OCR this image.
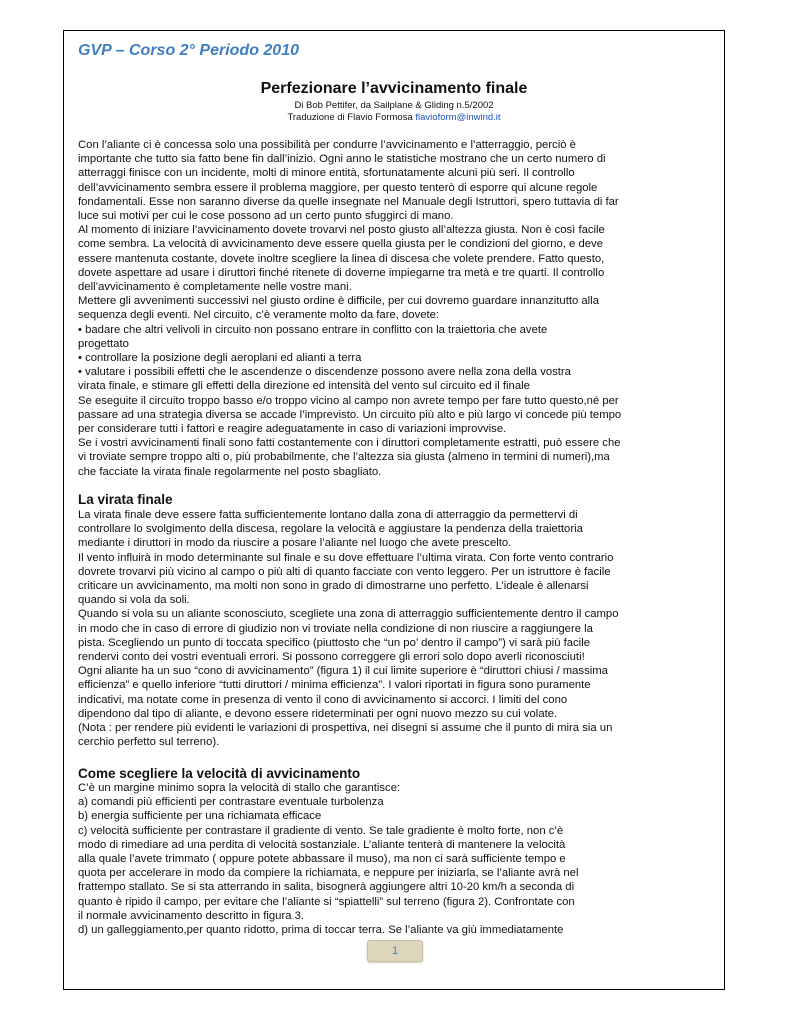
GVP – Corso 2° Periodo 2010
Perfezionare l’avvicinamento finale
Di Bob Pettifer, da Sailplane & Gliding n.5/2002
Traduzione di Flavio Formosa flavioform@inwind.it

Con l’aliante ci è concessa solo una possibilità per condurre l’avvicinamento e l’atterraggio, perciò è

importante che tutto sia fatto bene fin dall’inizio. Ogni anno le statistiche mostrano che un certo numero di

atterraggi finisce con un incidente, molti di minore entità, sfortunatamente alcuni più seri. Il controllo

dell’avvicinamento sembra essere il problema maggiore, per questo tenterò di esporre qui alcune regole

fondamentali. Esse non saranno diverse da quelle insegnate nel Manuale degli Istruttori, spero tuttavia di far

luce sui motivi per cui le cose possono ad un certo punto sfuggirci di mano.

Al momento di iniziare l’avvicinamento dovete trovarvi nel posto giusto all’altezza giusta. Non è così facile

come sembra. La velocità di avvicinamento deve essere quella giusta per le condizioni del giorno, e deve

essere mantenuta costante, dovete inoltre scegliere la linea di discesa che volete prendere. Fatto questo,

dovete aspettare ad usare i diruttori finché ritenete di doverne impiegarne tra metà e tre quarti. Il controllo

dell’avvicinamento è completamente nelle vostre mani.

Mettere gli avvenimenti successivi nel giusto ordine è difficile, per cui dovremo guardare innanzitutto alla

sequenza degli eventi. Nel circuito, c’è veramente molto da fare, dovete:

• badare che altri velivoli in circuito non possano entrare in conflitto con la traiettoria che avete

progettato

• controllare la posizione degli aeroplani ed alianti a terra

• valutare i possibili effetti che le ascendenze o discendenze possono avere nella zona della vostra

virata finale, e stimare gli effetti della direzione ed intensità del vento sul circuito ed il finale

Se eseguite il circuito troppo basso e/o troppo vicino al campo non avrete tempo per fare tutto questo,né per

passare ad una strategia diversa se accade l’imprevisto. Un circuito più alto e più largo vi concede più tempo

per considerare tutti i fattori e reagire adeguatamente in caso di variazioni improvvise.

Se i vostri avvicinamenti finali sono fatti costantemente con i diruttori completamente estratti, può essere che

vi troviate sempre troppo alti o, più probabilmente, che l’altezza sia giusta (almeno in termini di numeri),ma

che facciate la virata finale regolarmente nel posto sbagliato.

La virata finale

La virata finale deve essere fatta sufficientemente lontano dalla zona di atterraggio da permettervi di

controllare lo svolgimento della discesa, regolare la velocità e aggiustare la pendenza della traiettoria

mediante i diruttori in modo da riuscire a posare l’aliante nel luogo che avete prescelto.

Il vento influirà in modo determinante sul finale e su dove effettuare l’ultima virata. Con forte vento contrario

dovrete trovarvi più vicino al campo o più alti di quanto facciate con vento leggero. Per un istruttore è facile

criticare un avvicinamento, ma molti non sono in grado di dimostrarne uno perfetto. L’ideale è allenarsi

quando si vola da soli.

Quando si vola su un aliante sconosciuto, scegliete una zona di atterraggio sufficientemente dentro il campo

in modo che in caso di errore di giudizio non vi troviate nella condizione di non riuscire a raggiungere la

pista. Scegliendo un punto di toccata specifico (piuttosto che “un po’ dentro il campo”) vi sarà più facile

rendervi conto dei vostri eventuali errori. Si possono correggere gli errori solo dopo averli riconosciuti!

Ogni aliante ha un suo “cono di avvicinamento” (figura 1) il cui limite superiore è “diruttori chiusi / massima

efficienza” e quello inferiore “tutti diruttori / minima efficienza”. I valori riportati in figura sono puramente

indicativi, ma notate come in presenza di vento il cono di avvicinamento si accorci. I limiti del cono

dipendono dal tipo di aliante, e devono essere rideterminati per ogni nuovo mezzo su cui volate.

(Nota : per rendere più evidenti le variazioni di prospettiva, nei disegni si assume che il punto di mira sia un

cerchio perfetto sul terreno).

Come scegliere la velocità di avvicinamento

C’è un margine minimo sopra la velocità di stallo che garantisce:

a) comandi più efficienti per contrastare eventuale turbolenza

b) energia sufficiente per una richiamata efficace

c) velocità sufficiente per contrastare il gradiente di vento. Se tale gradiente è molto forte, non c’è

modo di rimediare ad una perdita di velocità sostanziale. L’aliante tenterà di mantenere la velocità

alla quale l’avete trimmato ( oppure potete abbassare il muso), ma non ci sarà sufficiente tempo e

quota per accelerare in modo da compiere la richiamata, e neppure per iniziarla, se l’aliante avrà nel

frattempo stallato. Se si sta atterrando in salita, bisognerà aggiungere altri 10-20 km/h a seconda di

quanto è ripido il campo, per evitare che l’aliante si “spiattelli” sul terreno (figura 2). Confrontate con

il normale avvicinamento descritto in figura 3.

d) un galleggiamento,per quanto ridotto, prima di toccar terra. Se l’aliante va giù immediatamente

1
